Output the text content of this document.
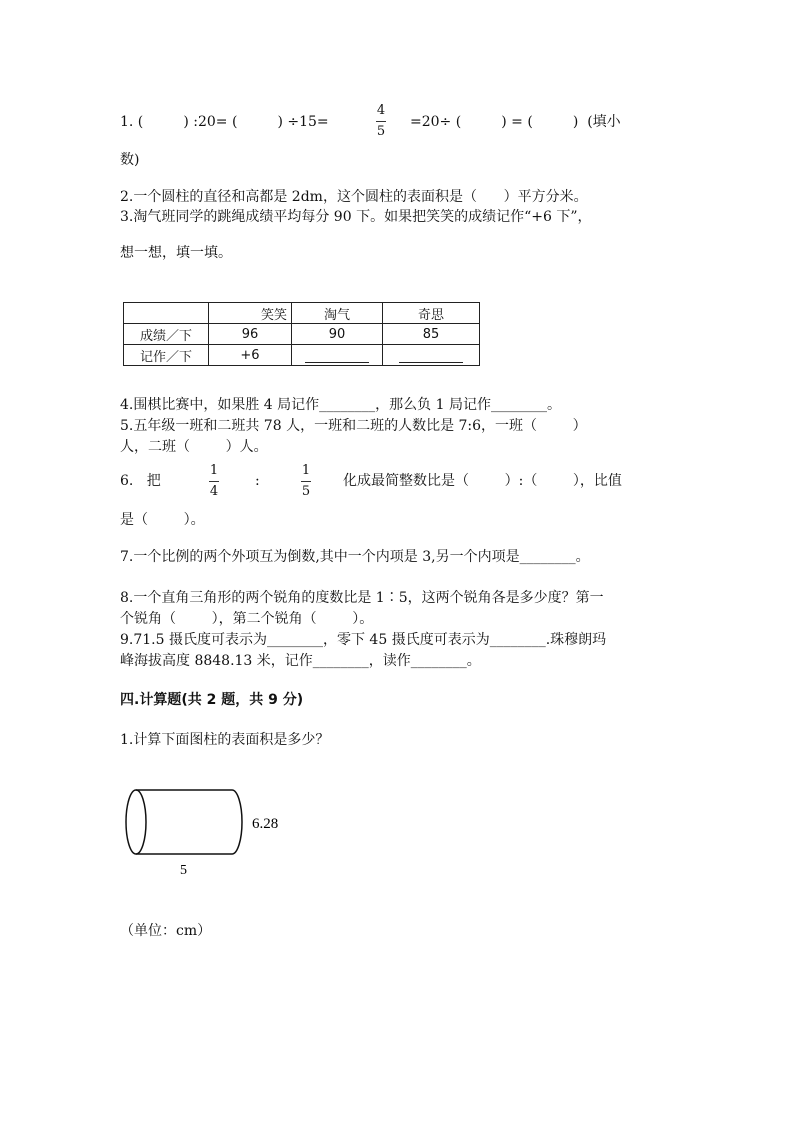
1. (         ) :20= (         ) ÷15=
4
5
=20÷ (         ) = (         )  (填小
数)
2.一个圆柱的直径和高都是 2dm，这个圆柱的表面积是（      ）平方分米。
3.淘气班同学的跳绳成绩平均每分 90 下。如果把笑笑的成绩记作“+6 下”，
想一想，填一填。
	笑笑	淘气	奇思
成绩／下	96	90	85
记作／下	+6		
4.围棋比赛中，如果胜 4 局记作________，那么负 1 局记作________。
5.五年级一班和二班共 78 人，一班和二班的人数比是 7:6，一班（        ）
人，二班（        ）人。
6.   把
1
4
:
1
5
化成最简整数比是（        ）:（        ），比值
是（        ）。
7.一个比例的两个外项互为倒数,其中一个内项是 3,另一个内项是________。
8.一个直角三角形的两个锐角的度数比是 1∶5，这两个锐角各是多少度？第一
个锐角（        ），第二个锐角（        ）。
9.71.5 摄氏度可表示为________，零下 45 摄氏度可表示为________.珠穆朗玛
峰海拔高度 8848.13 米，记作________，读作________。
四.计算题(共 2 题，共 9 分)
1.计算下面图柱的表面积是多少？
6.28
5
（单位：cm）
